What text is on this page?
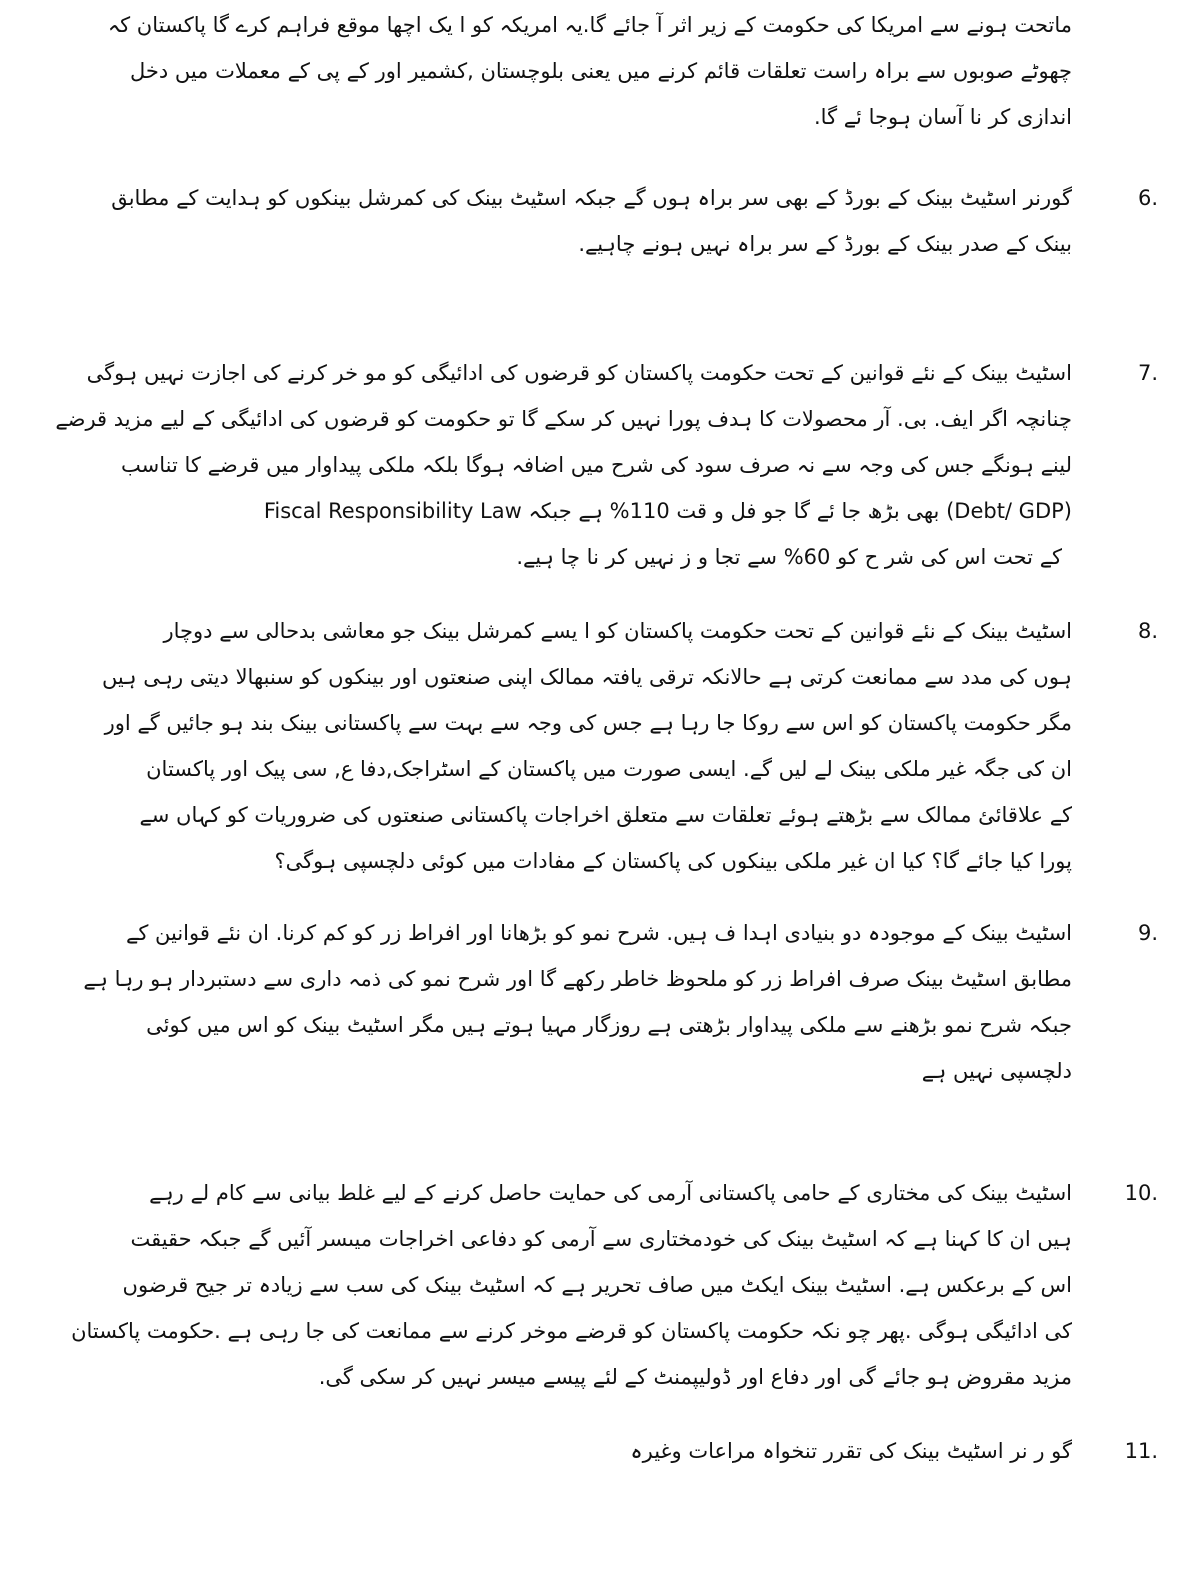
ماتحت ہونے سے امریکا کی حکومت کے زیر اثر آ جائے گا.یہ امریکہ کو ا یک اچھا موقع فراہم کرے گا پاکستان کہ
چھوٹے صوبوں سے براہ راست تعلقات قائم کرنے میں یعنی بلوچستان ,کشمیر اور کے پی کے معملات میں دخل
اندازی کر نا آسان ہوجا ئے گا.
6.
گورنر اسٹیٹ بینک کے بورڈ کے بھی سر براہ ہوں گے جبکہ اسٹیٹ بینک کی کمرشل بینکوں کو ہدایت کے مطابق
بینک کے صدر بینک کے بورڈ کے سر براہ نہیں ہونے چاہیے.
7.
اسٹیٹ بینک کے نئے قوانین کے تحت حکومت پاکستان کو قرضوں کی ادائیگی کو مو خر کرنے کی اجازت نہیں ہوگی
چنانچہ اگر ایف. بی. آر محصولات کا ہدف پورا نہیں کر سکے گا تو حکومت کو قرضوں کی ادائیگی کے لیے مزید قرضے
لینے ہونگے جس کی وجہ سے نہ صرف سود کی شرح میں اضافہ ہوگا بلکہ ملکی پیداوار میں قرضے کا تناسب
(Debt/ GDP) بھی بڑھ جا ئے گا جو فل و قت 110% ہے جبکہ Fiscal Responsibility Law
کے تحت اس کی شر ح کو 60% سے تجا و ز نہیں کر نا چا ہیے.
8.
اسٹیٹ بینک کے نئے قوانین کے تحت حکومت پاکستان کو ا یسے کمرشل بینک جو معاشی بدحالی سے دوچار
ہوں کی مدد سے ممانعت کرتی ہے حالانکہ ترقی یافتہ ممالک اپنی صنعتوں اور بینکوں کو سنبھالا دیتی رہی ہیں
مگر حکومت پاکستان کو اس سے روکا جا رہا ہے جس کی وجہ سے بہت سے پاکستانی بینک بند ہو جائیں گے اور
ان کی جگہ غیر ملکی بینک لے لیں گے. ایسی صورت میں پاکستان کے اسٹراجک,دفا ع, سی پیک اور پاکستان
کے علاقائئ ممالک سے بڑھتے ہوئے تعلقات سے متعلق اخراجات پاکستانی صنعتوں کی ضروریات کو کہاں سے
پورا کیا جائے گا؟ کیا ان غیر ملکی بینکوں کی پاکستان کے مفادات میں کوئی دلچسپی ہوگی؟
9.
اسٹیٹ بینک کے موجودہ دو بنیادی اہدا ف ہیں. شرح نمو کو بڑھانا اور افراط زر کو کم کرنا. ان نئے قوانین کے
مطابق اسٹیٹ بینک صرف افراط زر کو ملحوظ خاطر رکھے گا اور شرح نمو کی ذمہ داری سے دستبردار ہو رہا ہے
جبکہ شرح نمو بڑھنے سے ملکی پیداوار بڑھتی ہے روزگار مہیا ہوتے ہیں مگر اسٹیٹ بینک کو اس میں کوئی
دلچسپی نہیں ہے
10.
اسٹیٹ بینک کی مختاری کے حامی پاکستانی آرمی کی حمایت حاصل کرنے کے لیے غلط بیانی سے کام لے رہے
ہیں ان کا کہنا ہے کہ اسٹیٹ بینک کی خودمختاری سے آرمی کو دفاعی اخراجات میںسر آئیں گے جبکہ حقیقت
اس کے برعکس ہے. اسٹیٹ بینک ایکٹ میں صاف تحریر ہے کہ اسٹیٹ بینک کی سب سے زیادہ تر جیح قرضوں
کی ادائیگی ہوگی .پھر چو نکہ حکومت پاکستان کو قرضے موخر کرنے سے ممانعت کی جا رہی ہے .حکومت پاکستان
مزید مقروض ہو جائے گی اور دفاع اور ڈولیپمنٹ کے لئے پیسے میسر نہیں کر سکی گی.
11.
گو ر نر اسٹیٹ بینک کی تقرر تنخواہ مراعات وغیرہ
